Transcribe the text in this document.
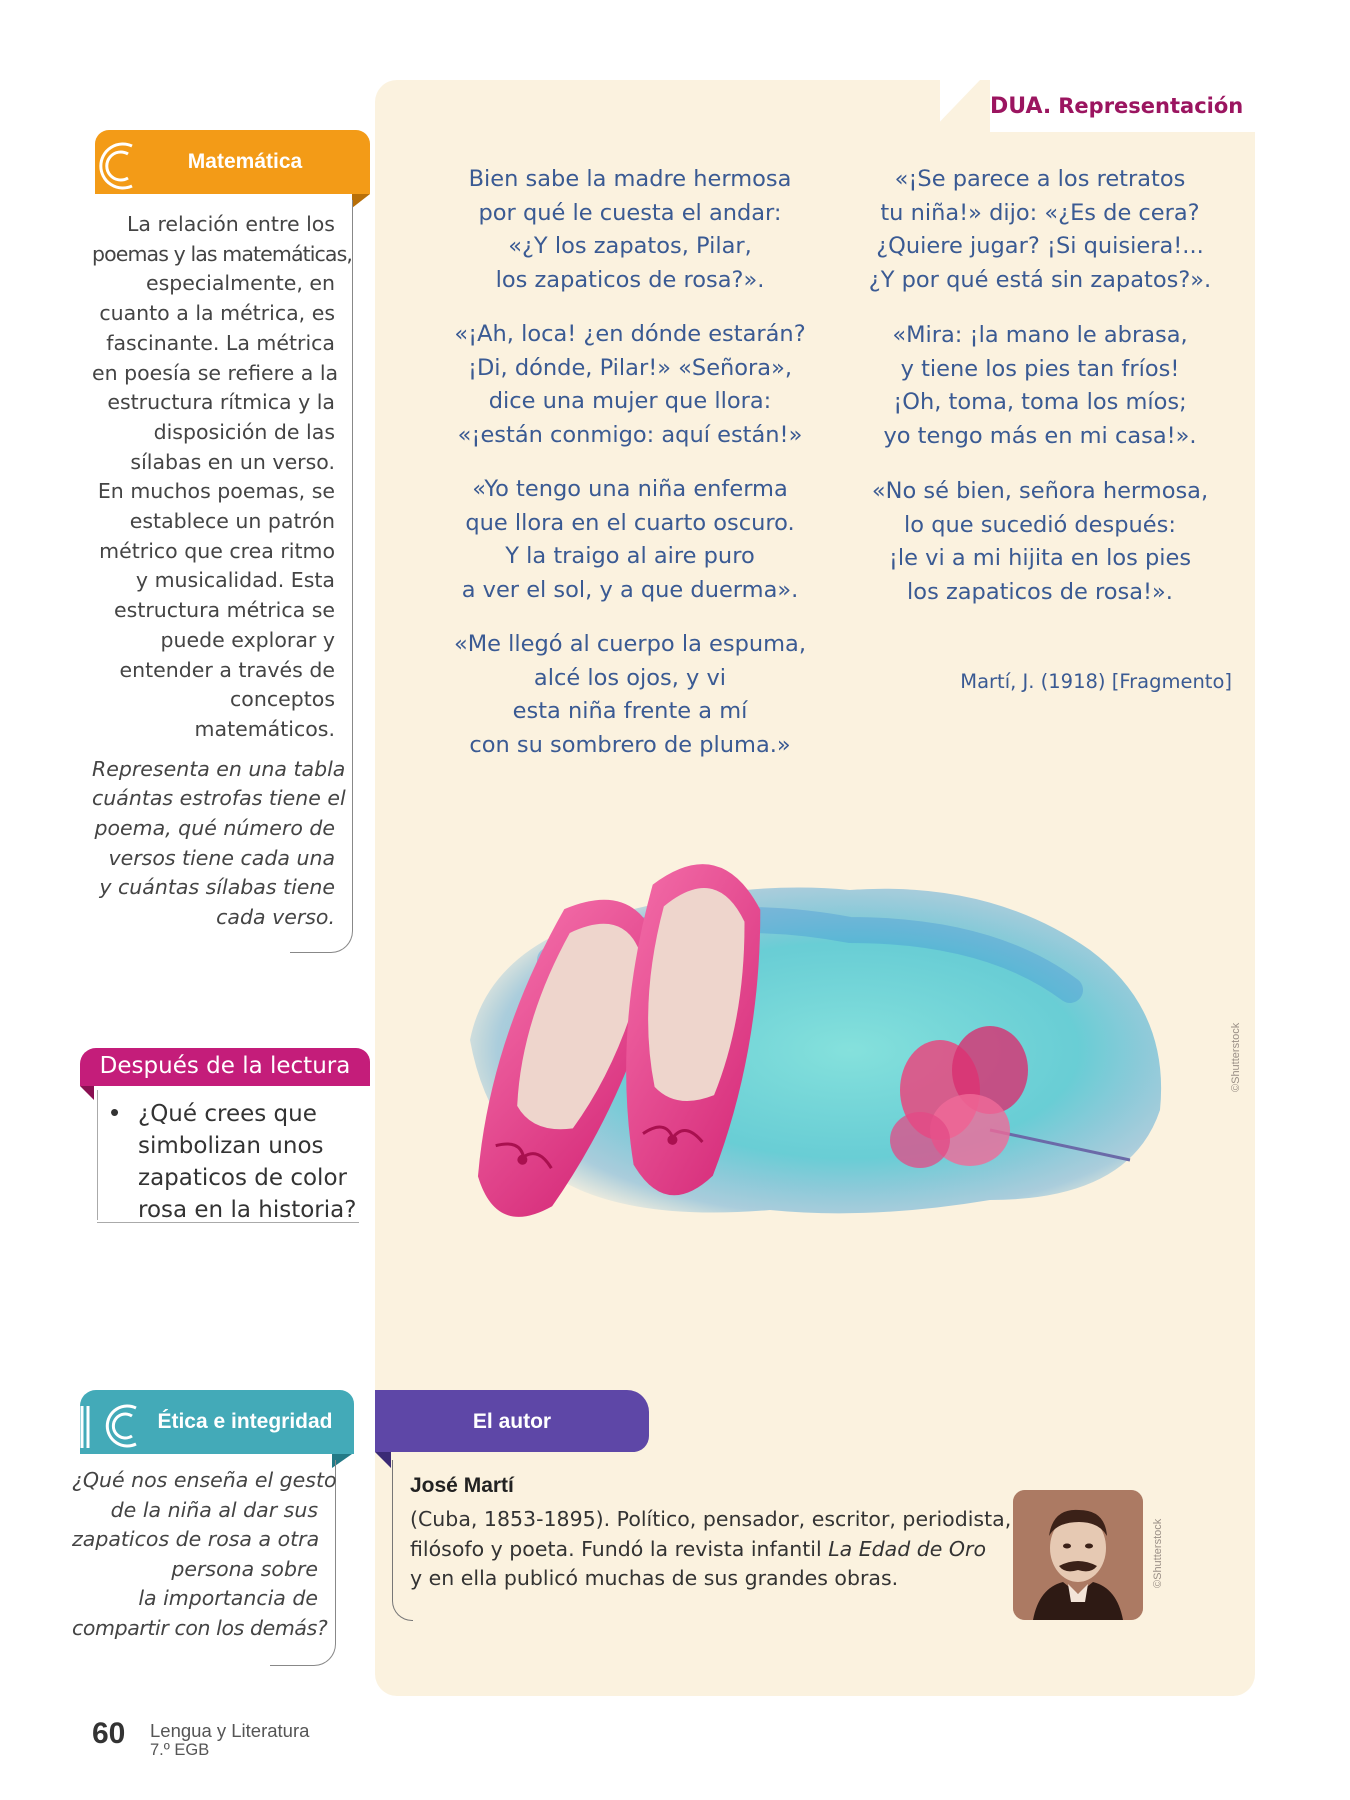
DUA. Representación
Bien sabe la madre hermosa
por qué le cuesta el andar:
«¿Y los zapatos, Pilar,
los zapaticos de rosa?».
«¡Ah, loca! ¿en dónde estarán?
¡Di, dónde, Pilar!» «Señora»,
dice una mujer que llora:
«¡están conmigo: aquí están!»
«Yo tengo una niña enferma
que llora en el cuarto oscuro.
Y la traigo al aire puro
a ver el sol, y a que duerma».
«Me llegó al cuerpo la espuma,
alcé los ojos, y vi
esta niña frente a mí
con su sombrero de pluma.»
«¡Se parece a los retratos
tu niña!» dijo: «¿Es de cera?
¿Quiere jugar? ¡Si quisiera!...
¿Y por qué está sin zapatos?».
«Mira: ¡la mano le abrasa,
y tiene los pies tan fríos!
¡Oh, toma, toma los míos;
yo tengo más en mi casa!».
«No sé bien, señora hermosa,
lo que sucedió después:
¡le vi a mi hijita en los pies
los zapaticos de rosa!».
Martí, J. (1918) [Fragmento]
Matemática
La relación entre los
poemas y las matemáticas,
especialmente, en
cuanto a la métrica, es
fascinante. La métrica
en poesía se refiere a la
estructura rítmica y la
disposición de las
sílabas en un verso.
En muchos poemas, se
establece un patrón
métrico que crea ritmo
y musicalidad. Esta
estructura métrica se
puede explorar y
entender a través de
conceptos
matemáticos.
Representa en una tabla
cuántas estrofas tiene el
poema, qué número de
versos tiene cada una
y cuántas sílabas tiene
cada verso.
Después de la lectura
• ¿Qué crees que
simbolizan unos
zapaticos de color
rosa en la historia?
Ética e integridad
¿Qué nos enseña el gesto
de la niña al dar sus
zapaticos de rosa a otra
persona sobre
la importancia de
compartir con los demás?
El autor
José Martí
(Cuba, 1853-1895). Político, pensador, escritor, periodista,
filósofo y poeta. Fundó la revista infantil La Edad de Oro
y en ella publicó muchas de sus grandes obras.	©Shutterstock
©Shutterstock
60 Lengua y Literatura
7.º EGB
